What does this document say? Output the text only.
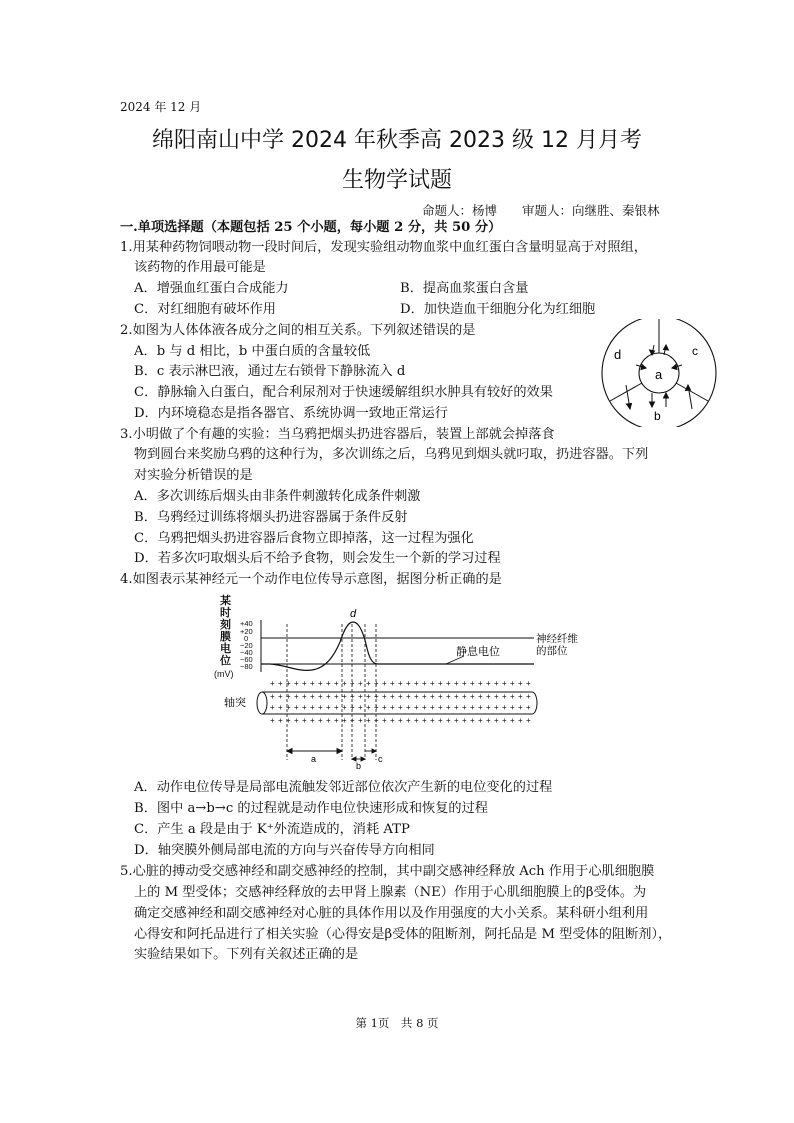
2024 年 12 月
绵阳南山中学 2024 年秋季高 2023 级 12 月月考
生物学试题
命题人：杨博　　审题人：向继胜、秦银林
一.单项选择题（本题包括 25 个小题，每小题 2 分，共 50 分）
1.用某种药物饲喂动物一段时间后，发现实验组动物血浆中血红蛋白含量明显高于对照组，
该药物的作用最可能是
A．增强血红蛋白合成能力	B．提高血浆蛋白含量
C．对红细胞有破坏作用	D．加快造血干细胞分化为红细胞
2.如图为人体体液各成分之间的相互关系。下列叙述错误的是
A．b 与 d 相比，b 中蛋白质的含量较低
B．c 表示淋巴液，通过左右锁骨下静脉流入 d
C．静脉输入白蛋白，配合利尿剂对于快速缓解组织水肿具有较好的效果
D．内环境稳态是指各器官、系统协调一致地正常运行
a
b
c
d
3.小明做了个有趣的实验：当乌鸦把烟头扔进容器后，装置上部就会掉落食
物到圆台来奖励乌鸦的这种行为，多次训练之后，乌鸦见到烟头就叼取，扔进容器。下列
对实验分析错误的是
A．多次训练后烟头由非条件刺激转化成条件刺激
B．乌鸦经过训练将烟头扔进容器属于条件反射
C．乌鸦把烟头扔进容器后食物立即掉落，这一过程为强化
D．若多次叼取烟头后不给予食物，则会发生一个新的学习过程
4.如图表示某神经元一个动作电位传导示意图，据图分析正确的是
某
时
刻
膜
电
位
(mV)
+40
+20
0
−20
−40
−60
−80
d
静息电位
神经纤维
的部位
轴突
+ + + + + + + + + + + + + + + + + + + + + + + + + + + + + + + + +
+ + + + + + + + + + + + + + + + + + + + + + + + + + + + + + + + +
+ + + + + + + + + + + + + + + + + + + + + + + + + + + + + + + + +
+ + + + + + + + + + + + + + + + + + + + + + + + + + + + + + + + +
a
b
c
A．动作电位传导是局部电流触发邻近部位依次产生新的电位变化的过程
B．图中 a→b→c 的过程就是动作电位快速形成和恢复的过程
C．产生 a 段是由于 K⁺外流造成的，消耗 ATP
D．轴突膜外侧局部电流的方向与兴奋传导方向相同
5.心脏的搏动受交感神经和副交感神经的控制，其中副交感神经释放 Ach 作用于心肌细胞膜
上的 M 型受体；交感神经释放的去甲肾上腺素（NE）作用于心肌细胞膜上的β受体。为
确定交感神经和副交感神经对心脏的具体作用以及作用强度的大小关系。某科研小组利用
心得安和阿托品进行了相关实验（心得安是β受体的阻断剂，阿托品是 M 型受体的阻断剂），
实验结果如下。下列有关叙述正确的是
第 1页　共 8 页
